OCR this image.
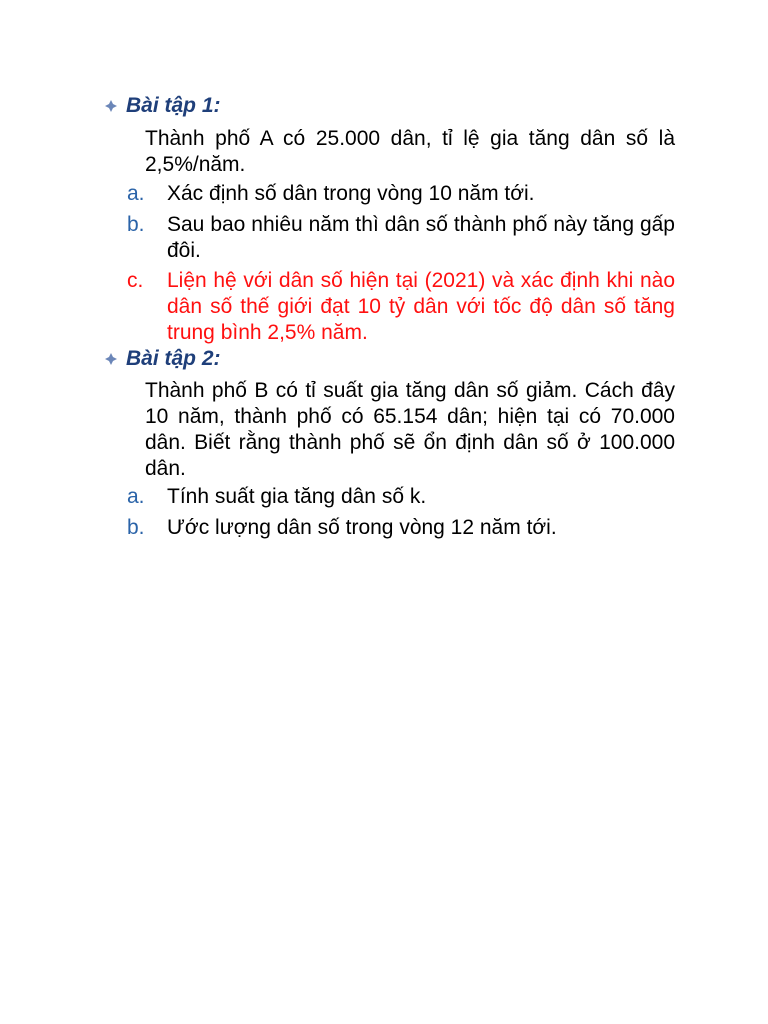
Bài tập 1:
Thành phố A có 25.000 dân, tỉ lệ gia tăng dân số là 2,5%/năm.
a.	Xác định số dân trong vòng 10 năm tới.
b.	Sau bao nhiêu năm thì dân số thành phố này tăng gấp đôi.
c.	Liện hệ với dân số hiện tại (2021) và xác định khi nào dân số thế giới đạt 10 tỷ dân với tốc độ dân số tăng trung bình 2,5% năm.
Bài tập 2:
Thành phố B có tỉ suất gia tăng dân số giảm. Cách đây 10 năm, thành phố có 65.154 dân; hiện tại có 70.000 dân. Biết rằng thành phố sẽ ổn định dân số ở 100.000 dân.
a.	Tính suất gia tăng dân số k.
b.	Ước lượng dân số trong vòng 12 năm tới.
